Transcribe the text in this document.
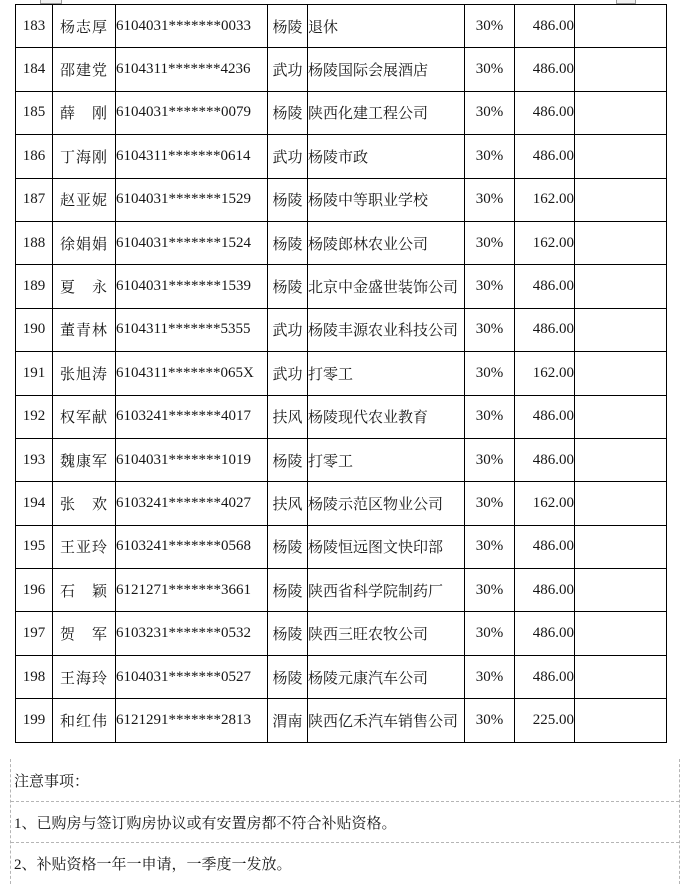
183	杨志厚	6104031*******0033	杨陵	退休	30%	486.00	
184	邵建党	6104311*******4236	武功	杨陵国际会展酒店	30%	486.00	
185	薛　刚	6104031*******0079	杨陵	陕西化建工程公司	30%	486.00	
186	丁海刚	6104311*******0614	武功	杨陵市政	30%	486.00	
187	赵亚妮	6104031*******1529	杨陵	杨陵中等职业学校	30%	162.00	
188	徐娟娟	6104031*******1524	杨陵	杨陵郎林农业公司	30%	162.00	
189	夏　永	6104031*******1539	杨陵	北京中金盛世装饰公司	30%	486.00	
190	董青林	6104311*******5355	武功	杨陵丰源农业科技公司	30%	486.00	
191	张旭涛	6104311*******065X	武功	打零工	30%	162.00	
192	权军献	6103241*******4017	扶风	杨陵现代农业教育	30%	486.00	
193	魏康军	6104031*******1019	杨陵	打零工	30%	486.00	
194	张　欢	6103241*******4027	扶风	杨陵示范区物业公司	30%	162.00	
195	王亚玲	6103241*******0568	杨陵	杨陵恒远图文快印部	30%	486.00	
196	石　颖	6121271*******3661	杨陵	陕西省科学院制药厂	30%	486.00	
197	贺　军	6103231*******0532	杨陵	陕西三旺农牧公司	30%	486.00	
198	王海玲	6104031*******0527	杨陵	杨陵元康汽车公司	30%	486.00	
199	和红伟	6121291*******2813	渭南	陕西亿禾汽车销售公司	30%	225.00	
注意事项：
1、已购房与签订购房协议或有安置房都不符合补贴资格。
2、补贴资格一年一申请，一季度一发放。
